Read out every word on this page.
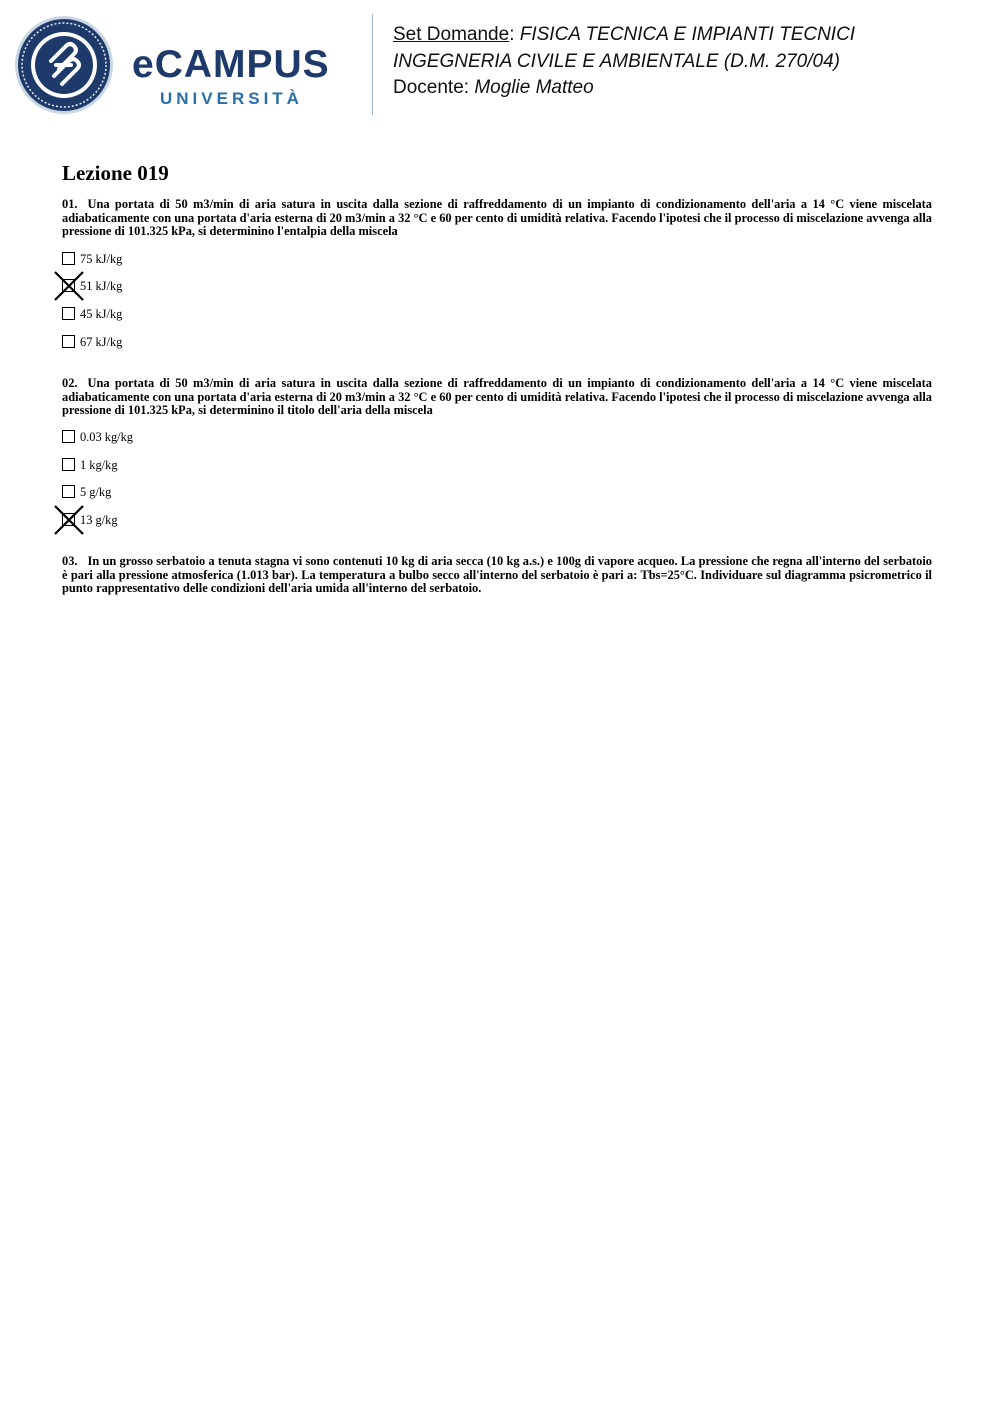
eCAMPUS
UNIVERSITÀ
Set Domande: FISICA TECNICA E IMPIANTI TECNICI
INGEGNERIA CIVILE E AMBIENTALE (D.M. 270/04)
Docente: Moglie Matteo
Lezione 019
01. Una portata di 50 m3/min di aria satura in uscita dalla sezione di raffreddamento di un impianto di condizionamento dell'aria a 14 °C viene miscelata adiabaticamente con una portata d'aria esterna di 20 m3/min a 32 °C e 60 per cento di umidità relativa. Facendo l'ipotesi che il processo di miscelazione avvenga alla pressione di 101.325 kPa, si determinino l'entalpia della miscela
75 kJ/kg
51 kJ/kg
45 kJ/kg
67 kJ/kg
02. Una portata di 50 m3/min di aria satura in uscita dalla sezione di raffreddamento di un impianto di condizionamento dell'aria a 14 °C viene miscelata adiabaticamente con una portata d'aria esterna di 20 m3/min a 32 °C e 60 per cento di umidità relativa. Facendo l'ipotesi che il processo di miscelazione avvenga alla pressione di 101.325 kPa, si determinino il titolo dell'aria della miscela
0.03 kg/kg
1 kg/kg
5 g/kg
13 g/kg
03. In un grosso serbatoio a tenuta stagna vi sono contenuti 10 kg di aria secca (10 kg a.s.) e 100g di vapore acqueo. La pressione che regna all'interno del serbatoio è pari alla pressione atmosferica (1.013 bar). La temperatura a bulbo secco all'interno del serbatoio è pari a: Tbs=25°C. Individuare sul diagramma psicrometrico il punto rappresentativo delle condizioni dell'aria umida all'interno del serbatoio.
